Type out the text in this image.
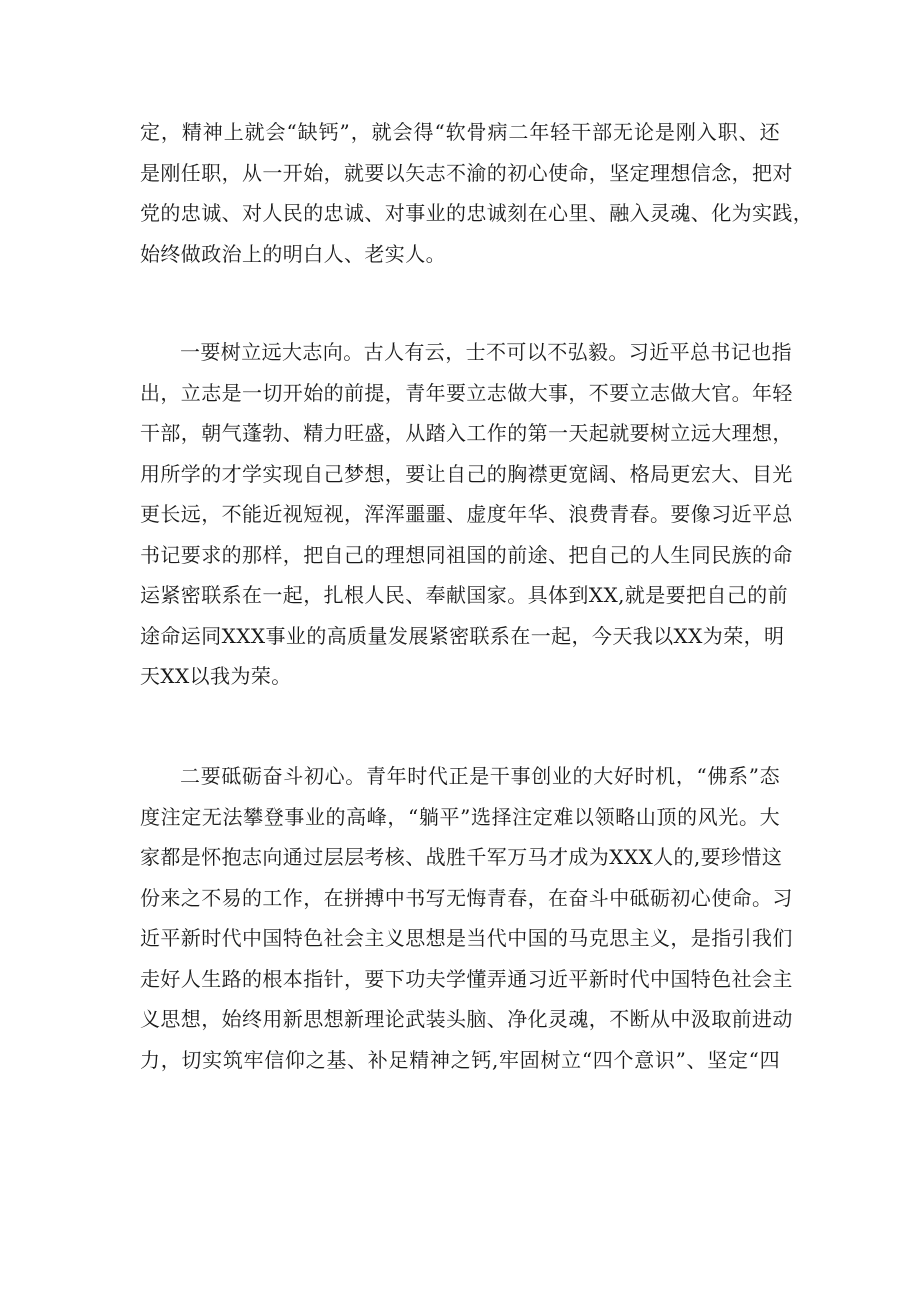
定，精神上就会“缺钙”，就会得“软骨病二年轻干部无论是刚入职、还
是刚任职，从一开始，就要以矢志不渝的初心使命，坚定理想信念，把对
党的忠诚、对人民的忠诚、对事业的忠诚刻在心里、融入灵魂、化为实践，
始终做政治上的明白人、老实人。
一要树立远大志向。古人有云，士不可以不弘毅。习近平总书记也指
出，立志是一切开始的前提，青年要立志做大事，不要立志做大官。年轻
干部，朝气蓬勃、精力旺盛，从踏入工作的第一天起就要树立远大理想，
用所学的才学实现自己梦想，要让自己的胸襟更宽阔、格局更宏大、目光
更长远，不能近视短视，浑浑噩噩、虚度年华、浪费青春。要像习近平总
书记要求的那样，把自己的理想同祖国的前途、把自己的人生同民族的命
运紧密联系在一起，扎根人民、奉献国家。具体到XX,就是要把自己的前
途命运同XXX事业的高质量发展紧密联系在一起，今天我以XX为荣，明
天XX以我为荣。
二要砥砺奋斗初心。青年时代正是干事创业的大好时机，“佛系”态
度注定无法攀登事业的高峰，“躺平”选择注定难以领略山顶的风光。大
家都是怀抱志向通过层层考核、战胜千军万马才成为XXX人的,要珍惜这
份来之不易的工作，在拼搏中书写无悔青春，在奋斗中砥砺初心使命。习
近平新时代中国特色社会主义思想是当代中国的马克思主义，是指引我们
走好人生路的根本指针，要下功夫学懂弄通习近平新时代中国特色社会主
义思想，始终用新思想新理论武装头脑、净化灵魂，不断从中汲取前进动
力，切实筑牢信仰之基、补足精神之钙,牢固树立“四个意识”、坚定“四
